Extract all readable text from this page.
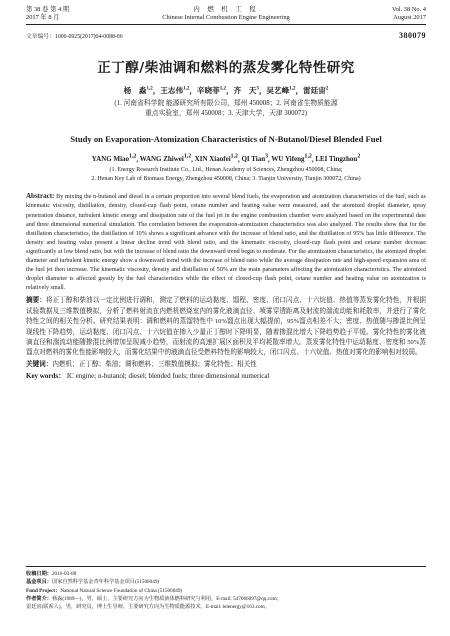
第 38 卷 第 4 期
2017 年 8 月
内 燃 机 工 程
Chinese Internal Combustion Engine Engineering
Vol. 38 No. 4
August 2017
文章编号：1000-0925(2017)04-0088-06	380079
正丁醇/柴油调和燃料的蒸发雾化特性研究
杨　淼$^{1,2}$，王志伟$^{1,2}$，辛晓菲$^{1,2}$，齐　天$^3$，吴艺峰$^{1,2}$，雷廷宙$^2$
(1. 河南省科学院 能源研究所有限公司，郑州 450008；2. 河南省生物质能源
重点实验室，郑州 450008；3. 天津大学，天津 300072)
Study on Evaporation-Atomization Characteristics of N-Butanol/Diesel Blended Fuel
YANG Miao$^{1,2}$, WANG Zhiwei$^{1,2}$, XIN Xiaofei$^{1,2}$, QI Tian$^3$, WU Yifeng$^{1,2}$, LEI Tingzhou$^2$
(1. Energy Research Institute Co., Ltd., Henan Academy of Sciences, Zhengzhou 450008, China;
2. Henan Key Lab of Biomass Energy, Zhengzhou 450008, China; 3. Tianjin University, Tianjin 300072, China)
Abstract: By mixing the n-butanol and diesel in a certain proportion into several blend fuels, the evaporation and atomization characteristics of the fuel, such as kinematic viscosity, distillation, density, closed-cup flash point, cetane number and heating value were measured, and the atomized droplet diameter, spray penetration distance, turbulent kinetic energy and dissipation rate of the fuel jet in the engine combustion chamber were analyzed based on the experimental date and three dimensional numerical simulation. The correlation between the evaporation-atomization characteristics was also analyzed. The results show that for the distillation characteristics, the distillation of 10% shows a significant advance with the increase of blend ratio, and the distillation of 95% has little difference. The density and heating value present a linear decline trend with blend ratio, and the kinematic viscosity, closed-cup flash point and cetane number decrease significantly at low blend ratio, but with the increase of blend ratio the downward trend begin to moderate. For the atomization characteristics, the atomized droplet diameter and turbulent kinetic energy show a downward trend with the increase of blend ratio while the average dissipation rate and high-speed expansion area of the fuel jet then increase. The kinematic viscosity, density and distillation of 50% are the main parameters affecting the atomization characteristics. The atomized droplet diameter is affected greatly by the fuel characteristics while the effect of closed-cup flash point, cetane number and heating value on atomization is relatively small.
摘要：将正丁醇和柴油以一定比例进行调和，测定了燃料的运动黏度、馏程、密度、闭口闪点、十六烷值、热值等蒸发雾化特性，并根据试验数据及三维数值模拟，分析了燃料射流在内燃机燃烧室内的雾化液滴直径、喷雾穿透距离及射流的湍流动能和耗散率，并进行了雾化特性之间的相关性分析。研究结果表明：调和燃料的蒸馏特性中 10%馏点出现大幅提前，95%馏点相差不大；密度、热值随与掺混比例呈现线性下降趋势，运动黏度、闭口闪点、十六烷值在掺入少量正丁醇时下降明显，随着掺混比增大下降趋势趋于平缓。雾化特性的雾化液滴直径和湍流动能随掺混比例增加呈现减小趋势，而射流的高速扩展区面积及平均耗散率增大。蒸发雾化特性中运动黏度、密度和 50%蒸馏点对燃料的雾化性能影响较大，而雾化结果中的液滴直径受燃料特性的影响较大，闭口闪点、十六烷值、热值对雾化的影响相对较弱。
关键词：内燃机；正丁醇；柴油；调和燃料；三维数值模拟；雾化特性；相关性
Key words： IC engine; n-butanol; diesel; blended fuels; three dimensional numerical
收稿日期：2016-03-08
基金项目：国家自然科学基金青年科学基金项目(51506049)
Fund Project：National Natural Science Foundation of China (51506049)
作者简介：杨淼(1989—)，男，硕士，主要研究方向为生物质液体燃料研究与利用，E-mail: 547066097@qq.com；
雷廷宙(联系人)，男，研究员，博士生导师，主要研究方向为生物质能源技术，E-mail: leienergy@163.com。
